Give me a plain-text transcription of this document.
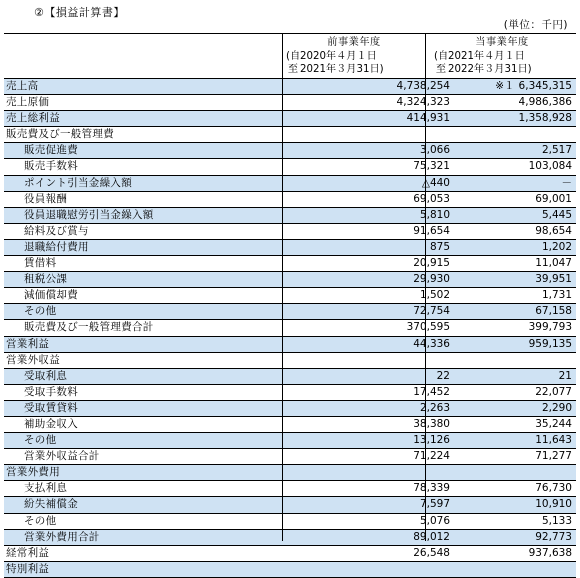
②【損益計算書】
(単位：千円)
前事業年度
(自2020年４月１日
至 2021年３月31日)
当事業年度
(自2021年４月１日
至 2022年３月31日)
売上高	4,738,254	※１ 6,345,315
売上原価	4,324,323	4,986,386
売上総利益	414,931	1,358,928
販売費及び一般管理費
販売促進費	3,066	2,517
販売手数料	75,321	103,084
ポイント引当金繰入額	△440	－
役員報酬	69,053	69,001
役員退職慰労引当金繰入額	5,810	5,445
給料及び賞与	91,654	98,654
退職給付費用	875	1,202
賃借料	20,915	11,047
租税公課	29,930	39,951
減価償却費	1,502	1,731
その他	72,754	67,158
販売費及び一般管理費合計	370,595	399,793
営業利益	44,336	959,135
営業外収益
受取利息	22	21
受取手数料	17,452	22,077
受取賃貸料	2,263	2,290
補助金収入	38,380	35,244
その他	13,126	11,643
営業外収益合計	71,224	71,277
営業外費用
支払利息	78,339	76,730
紛失補償金	7,597	10,910
その他	5,076	5,133
営業外費用合計	89,012	92,773
経常利益	26,548	937,638
特別利益
